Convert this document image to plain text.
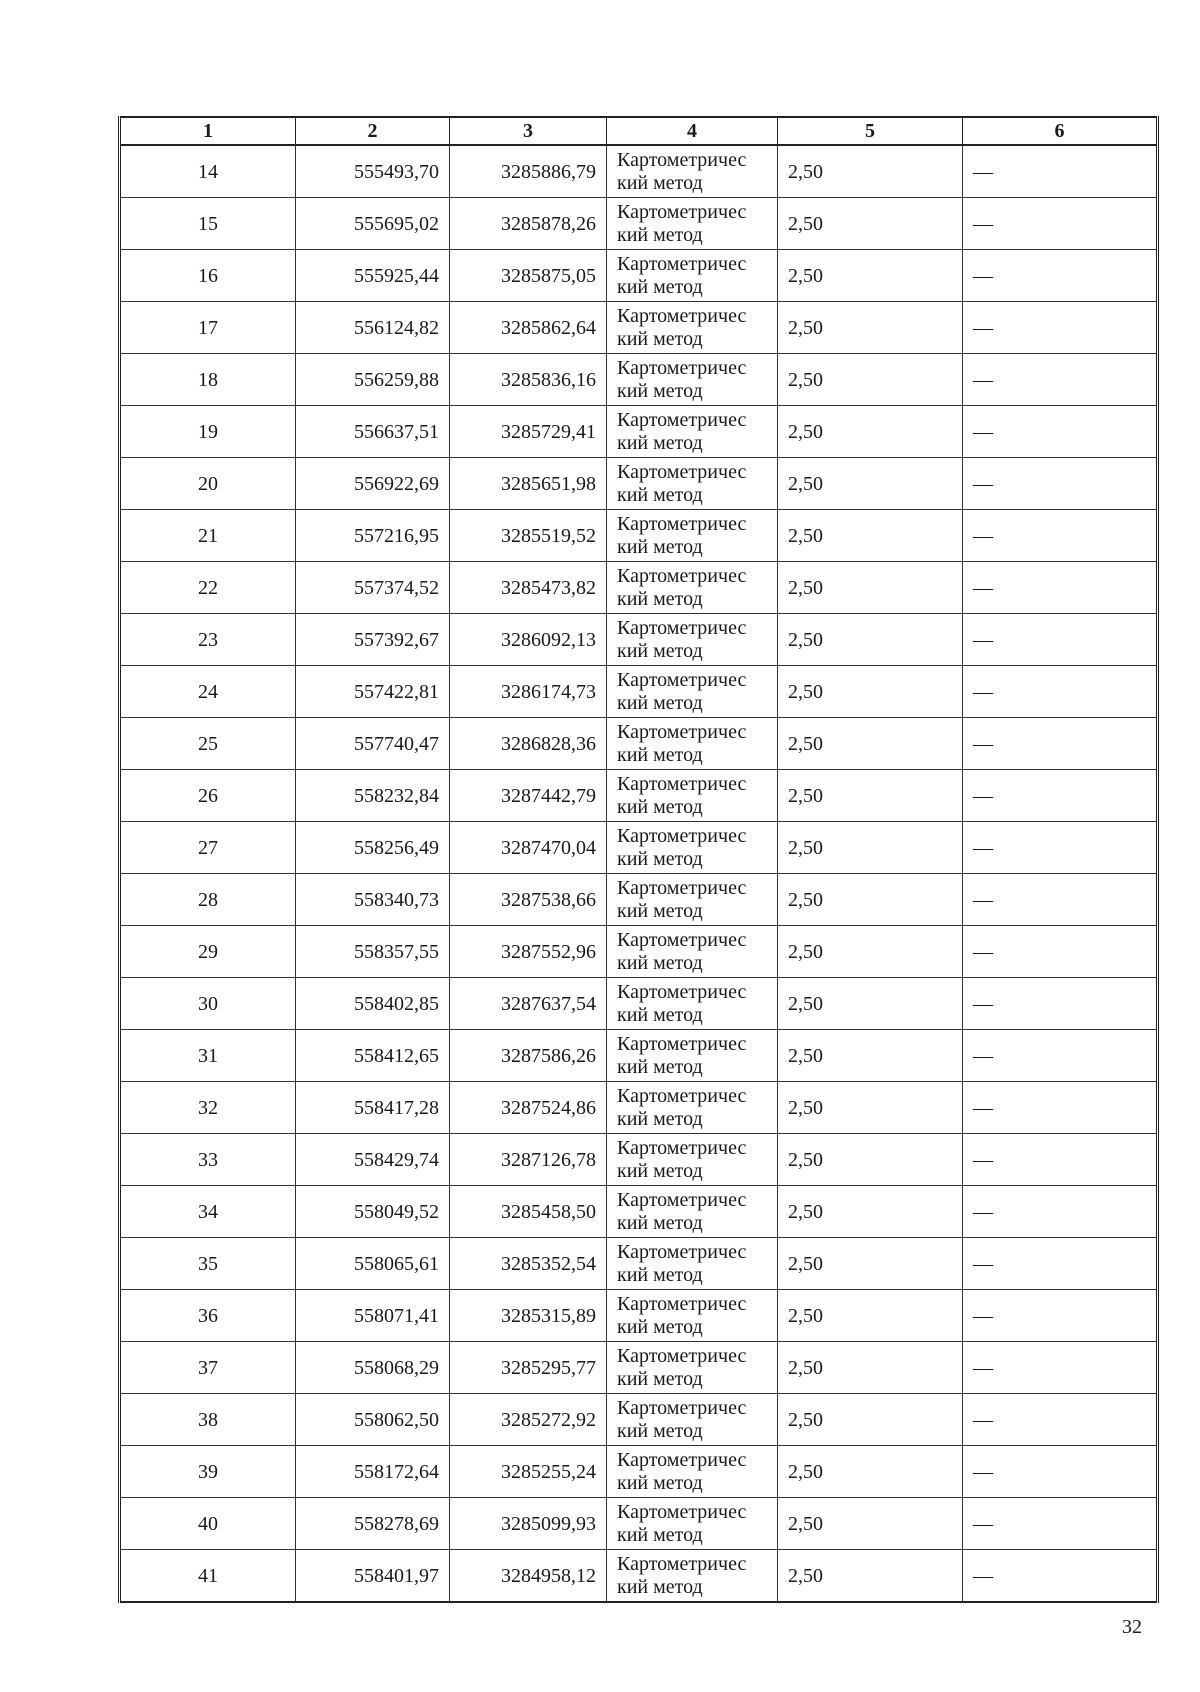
1	2	3	4	5	6
14	555493,70	3285886,79	Картометричес
кий метод	2,50	—
15	555695,02	3285878,26	Картометричес
кий метод	2,50	—
16	555925,44	3285875,05	Картометричес
кий метод	2,50	—
17	556124,82	3285862,64	Картометричес
кий метод	2,50	—
18	556259,88	3285836,16	Картометричес
кий метод	2,50	—
19	556637,51	3285729,41	Картометричес
кий метод	2,50	—
20	556922,69	3285651,98	Картометричес
кий метод	2,50	—
21	557216,95	3285519,52	Картометричес
кий метод	2,50	—
22	557374,52	3285473,82	Картометричес
кий метод	2,50	—
23	557392,67	3286092,13	Картометричес
кий метод	2,50	—
24	557422,81	3286174,73	Картометричес
кий метод	2,50	—
25	557740,47	3286828,36	Картометричес
кий метод	2,50	—
26	558232,84	3287442,79	Картометричес
кий метод	2,50	—
27	558256,49	3287470,04	Картометричес
кий метод	2,50	—
28	558340,73	3287538,66	Картометричес
кий метод	2,50	—
29	558357,55	3287552,96	Картометричес
кий метод	2,50	—
30	558402,85	3287637,54	Картометричес
кий метод	2,50	—
31	558412,65	3287586,26	Картометричес
кий метод	2,50	—
32	558417,28	3287524,86	Картометричес
кий метод	2,50	—
33	558429,74	3287126,78	Картометричес
кий метод	2,50	—
34	558049,52	3285458,50	Картометричес
кий метод	2,50	—
35	558065,61	3285352,54	Картометричес
кий метод	2,50	—
36	558071,41	3285315,89	Картометричес
кий метод	2,50	—
37	558068,29	3285295,77	Картометричес
кий метод	2,50	—
38	558062,50	3285272,92	Картометричес
кий метод	2,50	—
39	558172,64	3285255,24	Картометричес
кий метод	2,50	—
40	558278,69	3285099,93	Картометричес
кий метод	2,50	—
41	558401,97	3284958,12	Картометричес
кий метод	2,50	—
32
